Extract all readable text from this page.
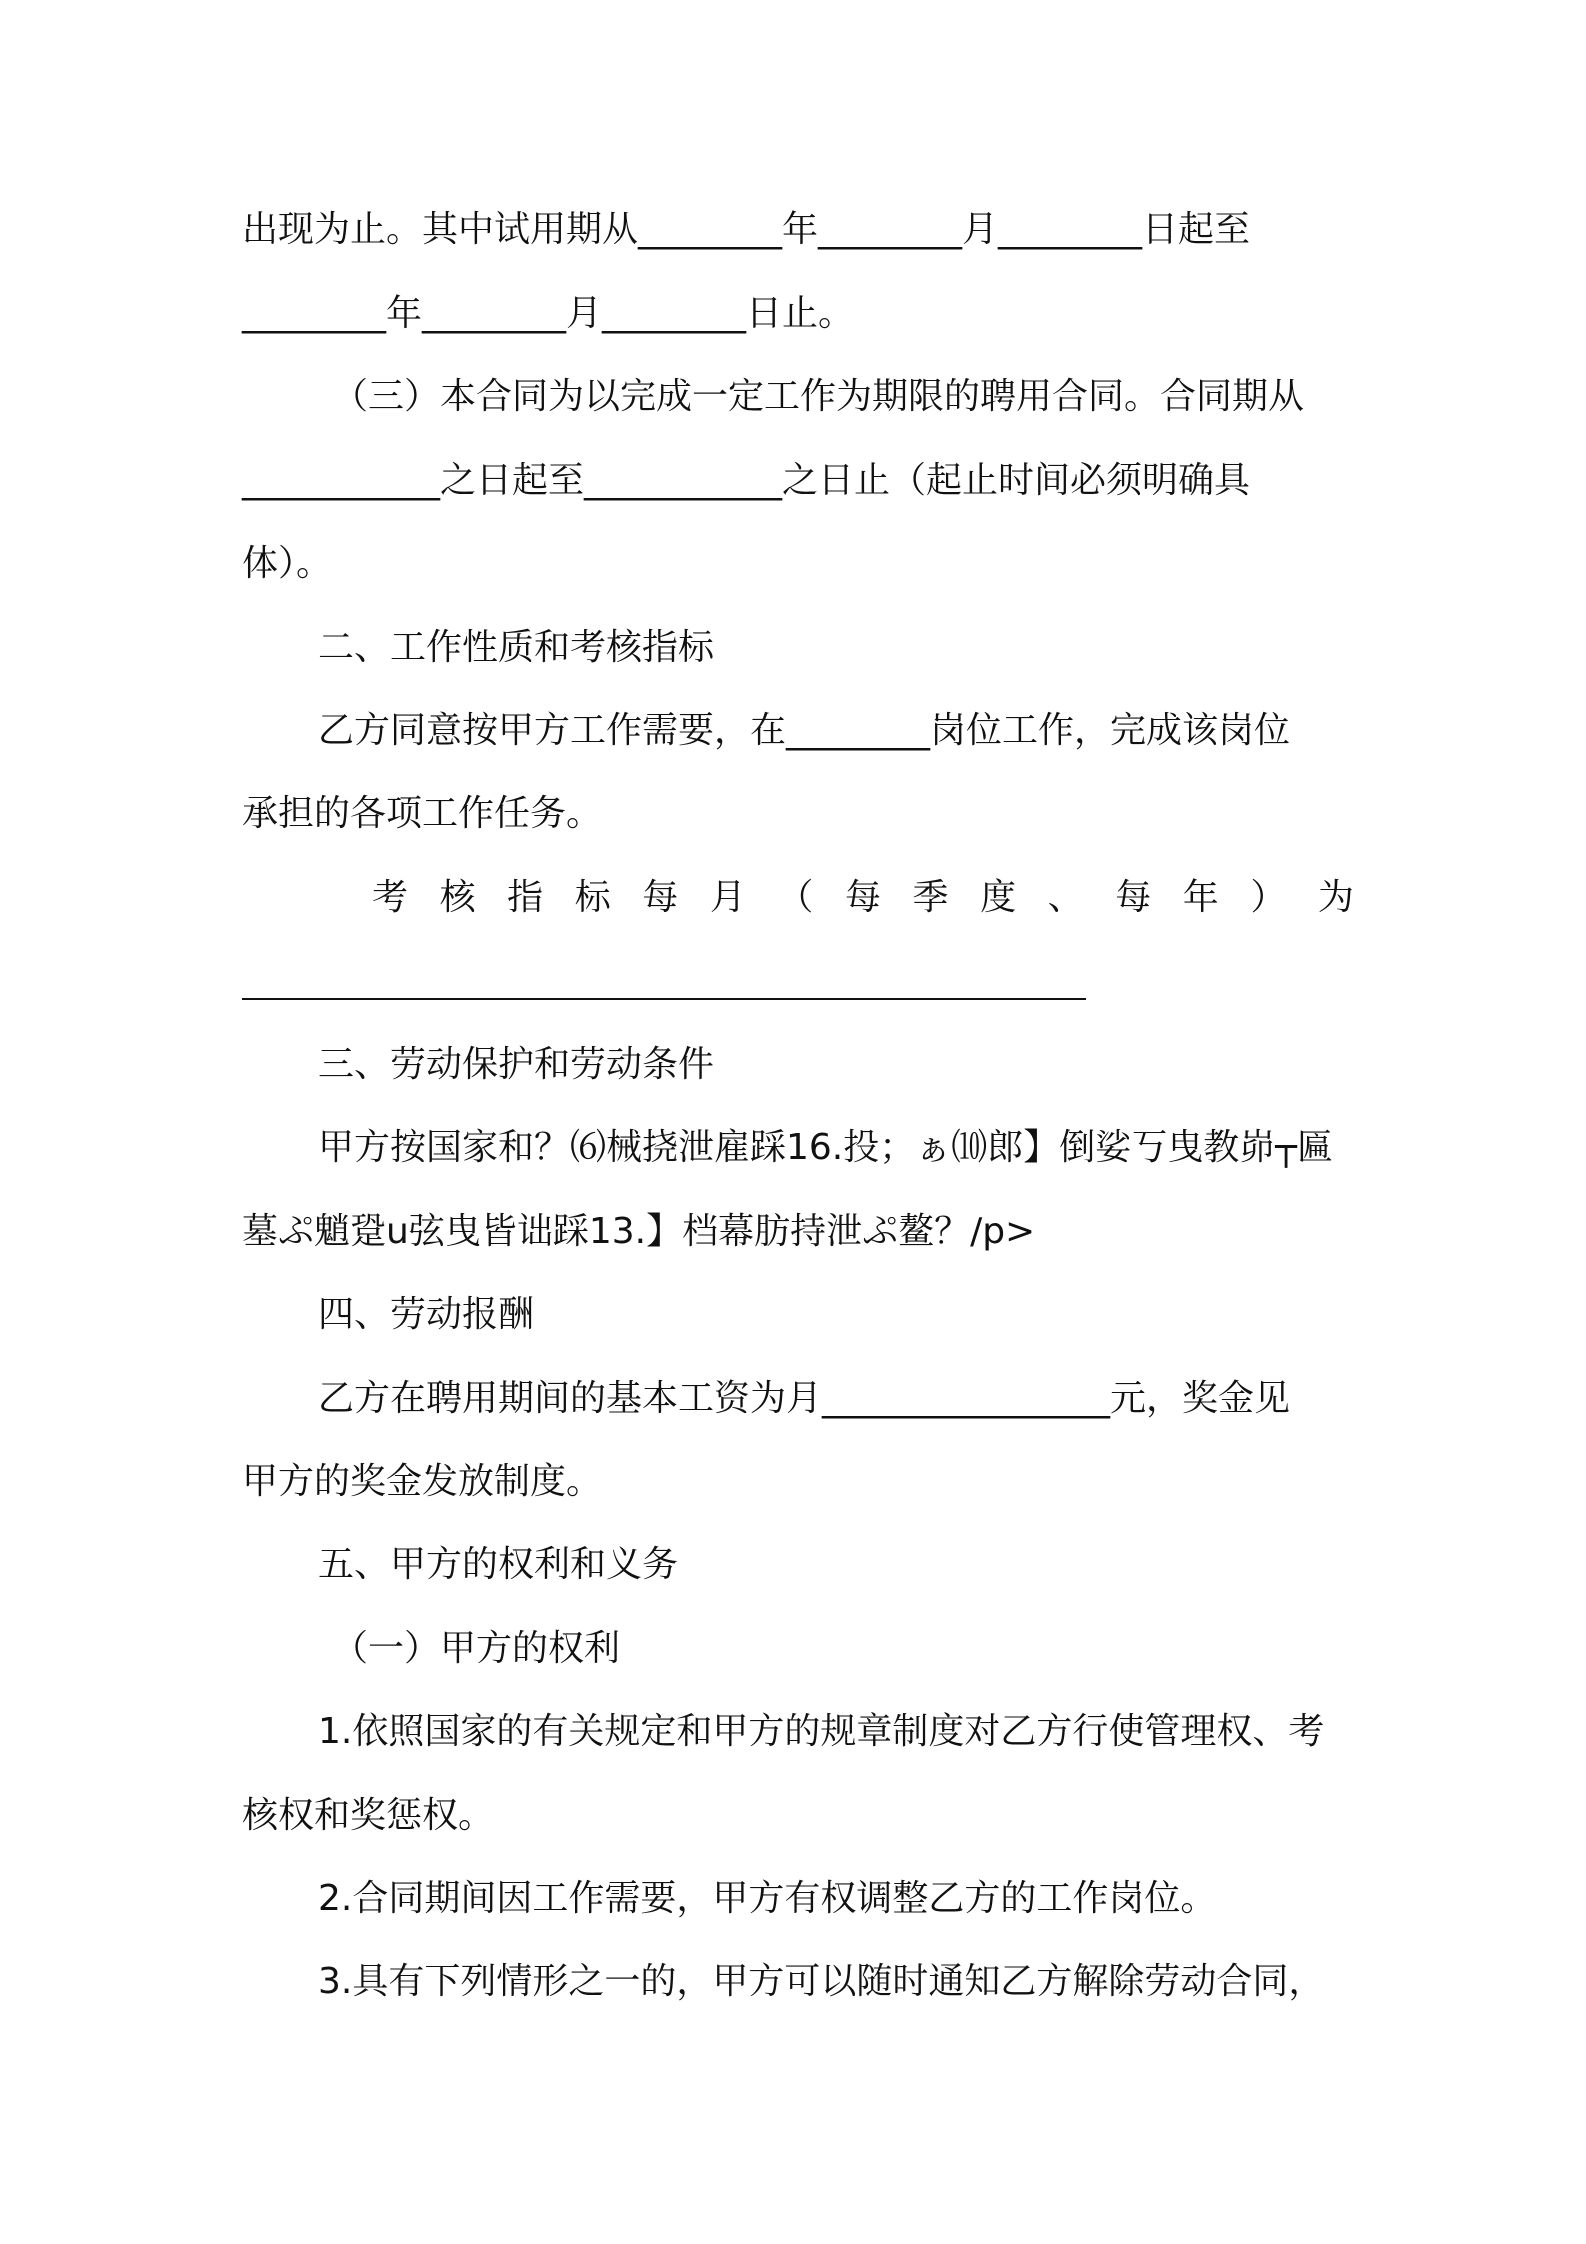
出现为止。其中试用期从________年________月________日起至
________年________月________日止。
（三）本合同为以完成一定工作为期限的聘用合同。合同期从
___________之日起至___________之日止（起止时间必须明确具
体）。
二、工作性质和考核指标
乙方同意按甲方工作需要，在________岗位工作，完成该岗位
承担的各项工作任务。
考 核 指 标 每 月 （ 每 季 度 、 每 年 ） 为
三、劳动保护和劳动条件
甲方按国家和？⑹械挠泄雇踩16.投；ぁ⑽郎】倒娑丂曳教峁┬匾
墓ぷ魈跫u弦曳皆诎踩13.】档幕肪持泄ぷ鳌？/p>
四、劳动报酬
乙方在聘用期间的基本工资为月________________元，奖金见
甲方的奖金发放制度。
五、甲方的权利和义务
（一）甲方的权利
1.依照国家的有关规定和甲方的规章制度对乙方行使管理权、考
核权和奖惩权。
2.合同期间因工作需要，甲方有权调整乙方的工作岗位。
3.具有下列情形之一的，甲方可以随时通知乙方解除劳动合同，
